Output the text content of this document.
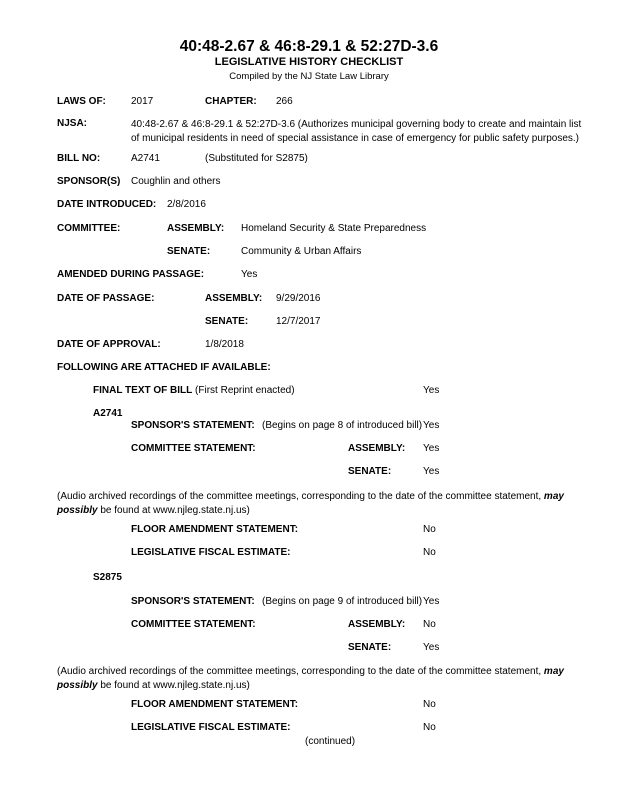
40:48-2.67 & 46:8-29.1 & 52:27D-3.6
LEGISLATIVE HISTORY CHECKLIST
Compiled by the NJ State Law Library
LAWS OF:	2017	CHAPTER: 266
NJSA:	40:48-2.67 & 46:8-29.1 & 52:27D-3.6 (Authorizes municipal governing body to create and maintain list of municipal residents in need of special assistance in case of emergency for public safety purposes.)
BILL NO:	A2741	(Substituted for S2875)
SPONSOR(S) Coughlin and others
DATE INTRODUCED: 2/8/2016
COMMITTEE:	ASSEMBLY: Homeland Security & State Preparedness
SENATE:	Community & Urban Affairs
AMENDED DURING PASSAGE:	Yes
DATE OF PASSAGE:	ASSEMBLY: 9/29/2016
SENATE:	12/7/2017
DATE OF APPROVAL:	1/8/2018
FOLLOWING ARE ATTACHED IF AVAILABLE:
FINAL TEXT OF BILL (First Reprint enacted)	Yes
A2741
SPONSOR'S STATEMENT: (Begins on page 8 of introduced bill) Yes
COMMITTEE STATEMENT:	ASSEMBLY: Yes
SENATE:	Yes
(Audio archived recordings of the committee meetings, corresponding to the date of the committee statement, may possibly be found at www.njleg.state.nj.us)
FLOOR AMENDMENT STATEMENT:	No
LEGISLATIVE FISCAL ESTIMATE:	No
S2875
SPONSOR'S STATEMENT: (Begins on page 9 of introduced bill) Yes
COMMITTEE STATEMENT:	ASSEMBLY: No
SENATE:	Yes
(Audio archived recordings of the committee meetings, corresponding to the date of the committee statement, may possibly be found at www.njleg.state.nj.us)
FLOOR AMENDMENT STATEMENT:	No
LEGISLATIVE FISCAL ESTIMATE:	No
(continued)
